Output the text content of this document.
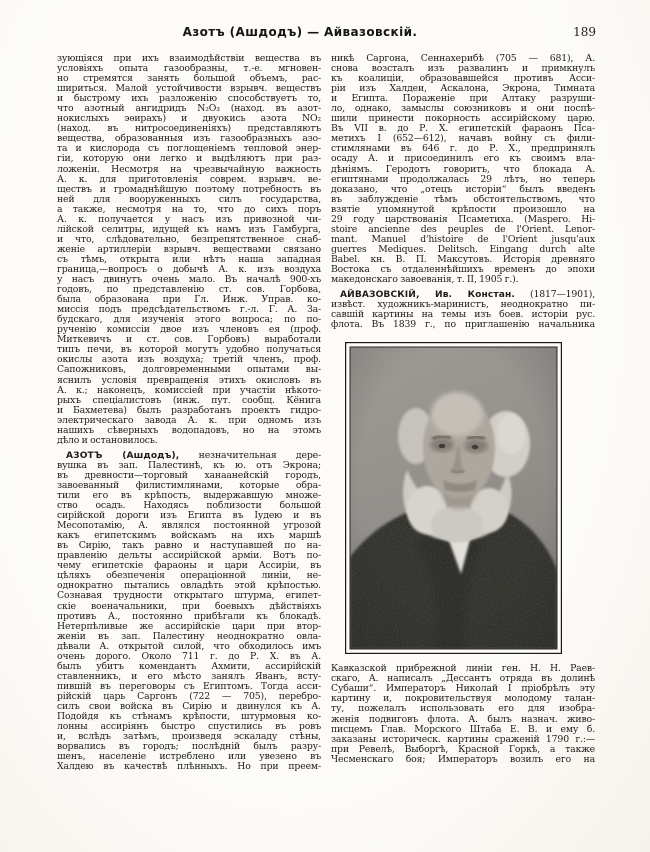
Азотъ (Ашдодъ) — Айвазовскій.	189
зующіяся при ихъ взаимодѣйствіи вещества въ
условіяхъ опыта газообразны, т.-е. мгновен-
но стремятся занять большой объемъ, рас-
шириться. Малой устойчивости взрывч. веществъ
и быстрому ихъ разложенію способствуетъ то,
что азотный ангидридъ N₂O₃ (наход. въ азот-
нокислыхъ эѳирахъ) и двуокись азота NO₂
(наход. въ нитросоединеніяхъ) представляютъ
вещества, образованныя изъ газообразныхъ азо-
та и кислорода съ поглощеніемъ тепловой энер-
гіи, которую они легко и выдѣляютъ при раз-
ложеніи. Несмотря на чрезвычайную важность
А. к. для приготовленія соврем. взрывч. ве-
ществъ и громаднѣйшую поэтому потребность въ
ней для вооруженныхъ силъ государства,
а также, несмотря на то, что до сихъ поръ
А. к. получается у насъ изъ привозной чи-
лійской селитры, идущей къ намъ изъ Гамбурга,
и что, слѣдовательно, безпрепятственное снаб-
женіе артиллеріи взрывч. веществами связано
съ тѣмъ, открыта или нѣтъ наша западная
граница,—вопросъ о добычѣ А. к. изъ воздуха
у насъ двинутъ очень мало. Въ началѣ 900-хъ
годовъ, по представленію ст. сов. Горбова,
была образована при Гл. Инж. Управ. ко-
миссія подъ предсѣдательствомъ г.-л. Г. А. За-
будскаго, для изученія этого вопроса; по по-
рученію комиссіи двое изъ членовъ ея (проф.
Миткевичъ и ст. сов. Горбовъ) выработали
типъ печи, въ которой могутъ удобно получаться
окислы азота изъ воздуха; третій членъ, проф.
Сапожниковъ, долговременными опытами вы-
яснилъ условія превращенія этихъ окисловъ въ
А. к.; наконецъ, комиссіей при участіи нѣкото-
рыхъ спеціалистовъ (инж. пут. сообщ. Кёнига
и Бахметева) былъ разработанъ проектъ гидро-
электрическаго завода А. к. при одномъ изъ
нашихъ сѣверныхъ водопадовъ, но на этомъ
дѣло и остановилось.
АЗОТЪ (Ашдодъ), незначительная дере-
вушка въ зап. Палестинѣ, къ ю. отъ Экрона;
въ древности—торговый ханаанейскій городъ,
завоеванный филистимлянами, которые обра-
тили его въ крѣпость, выдержавшую множе-
ство осадъ. Находясь поблизости большой
сирійской дороги изъ Египта въ Іудею и въ
Месопотамію, А. являлся постоянной угрозой
какъ египетскимъ войскамъ на ихъ маршѣ
въ Сирію, такъ равно и наступавшей по на-
правленію дельты ассирійской арміи. Вотъ по-
чему египетскіе фараоны и цари Ассиріи, въ
цѣляхъ обезпеченія операціонной линіи, не-
однократно пытались овладѣть этой крѣпостью.
Сознавая трудности открытаго штурма, египет-
скіе военачальники, при боевыхъ дѣйствіяхъ
противъ А., постоянно прибѣгали къ блокадѣ.
Нетерпѣливые же ассирійскіе цари при втор-
женіи въ зап. Палестину неоднократно овла-
дѣвали А. открытой силой, что обходилось имъ
очень дорого. Около 711 г. до Р. Х. въ А.
былъ убитъ комендантъ Ахмити, ассирійскій
ставленникъ, и его мѣсто занялъ Яванъ, всту-
пившій въ переговоры съ Египтомъ. Тогда асси-
рійскій царь Саргонъ (722 — 705), перебро-
силъ свои войска въ Сирію и двинулся къ А.
Подойдя къ стѣнамъ крѣпости, штурмовыя ко-
лонны ассиріянъ быстро спустились въ ровъ
и, вслѣдъ затѣмъ, произведя эскаладу стѣны,
ворвались въ городъ; послѣдній былъ разру-
шенъ, населеніе истреблено или увезено въ
Халдею въ качествѣ плѣнныхъ. Но при преем-
никѣ Саргона, Сеннахерибѣ (705 — 681), А.
снова возсталъ изъ развалинъ и примкнулъ
къ коалиціи, образовавшейся противъ Асси-
ріи изъ Халдеи, Аскалона, Экрона, Тимната
и Египта. Пораженіе при Алтаку разруши-
ло, однако, замыслы союзниковъ и они поспѣ-
шили принести покорность ассирійскому царю.
Въ VII в. до Р. Х. египетскій фараонъ Пса-
метихъ I (652—612), начавъ войну съ фили-
стимлянами въ 646 г. до Р. Х., предпринялъ
осаду А. и присоединилъ его къ своимъ вла-
дѣніямъ. Геродотъ говоритъ, что блокада А.
египтянами продолжалась 29 лѣтъ, но теперь
доказано, что „отецъ исторіи“ былъ введенъ
въ заблужденіе тѣмъ обстоятельствомъ, что
взятіе упомянутой крѣпости произошло на
29 году царствованія Псаметиха. (Maspero. Hi-
stoire ancienne des peuples de l'Orient. Lenor-
mant. Manuel d'histoire de l'Orient jusqu'aux
guerres Mediques. Delitsch. Eingang durch alte
Babel. кн. В. П. Максутовъ. Исторія древняго
Востока съ отдаленнѣйшихъ временъ до эпохи
македонскаго завоеванія, т. II, 1905 г.).
АЙВАЗОВСКІЙ, Ив. Констан. (1817—1901),
извѣст. художникъ-маринистъ, неоднократно пи-
савшій картины на темы изъ боев. исторіи рус.
флота. Въ 1839 г., по приглашенію начальника
Кавказской прибрежной линіи ген. Н. Н. Раев-
скаго, А. написалъ „Дессантъ отряда въ долинѣ
Субаши“. Императоръ Николай I пріобрѣлъ эту
картину и, покровительствуя молодому талан-
ту, пожелалъ использовать его для изобра-
женія подвиговъ флота. А. былъ назнач. живо-
писцемъ Глав. Морского Штаба Е. В. и ему б.
заказаны историческ. картины сраженій 1790 г.:—
при Ревелѣ, Выборгѣ, Красной Горкѣ, а также
Чесменскаго боя; Императоръ возилъ его на
